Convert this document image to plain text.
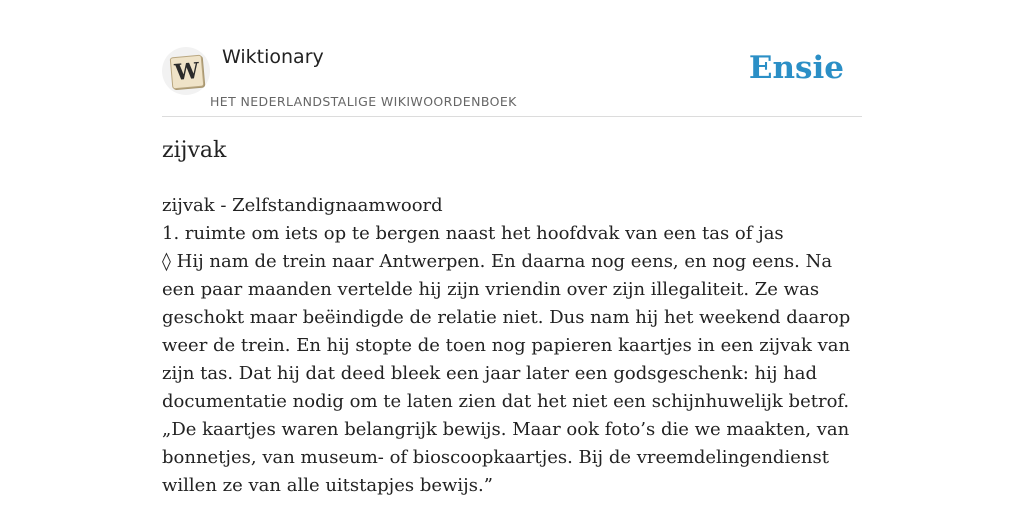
W
Wiktionary
HET NEDERLANDSTALIGE WIKIWOORDENBOEK
Ensie
zijvak

zijvak - Zelfstandignaamwoord

1. ruimte om iets op te bergen naast het hoofdvak van een tas of jas

◊ Hij nam de trein naar Antwerpen. En daarna nog eens, en nog eens. Na een paar maanden vertelde hij zijn vriendin over zijn illegaliteit. Ze was geschokt maar beëindigde de relatie niet. Dus nam hij het weekend daarop weer de trein. En hij stopte de toen nog papieren kaartjes in een zijvak van zijn tas. Dat hij dat deed bleek een jaar later een godsgeschenk: hij had documentatie nodig om te laten zien dat het niet een schijnhuwelijk betrof. „De kaartjes waren belangrijk bewijs. Maar ook foto’s die we maakten, van bonnetjes, van museum- of bioscoopkaartjes. Bij de vreemdelingendienst willen ze van alle uitstapjes bewijs.”
